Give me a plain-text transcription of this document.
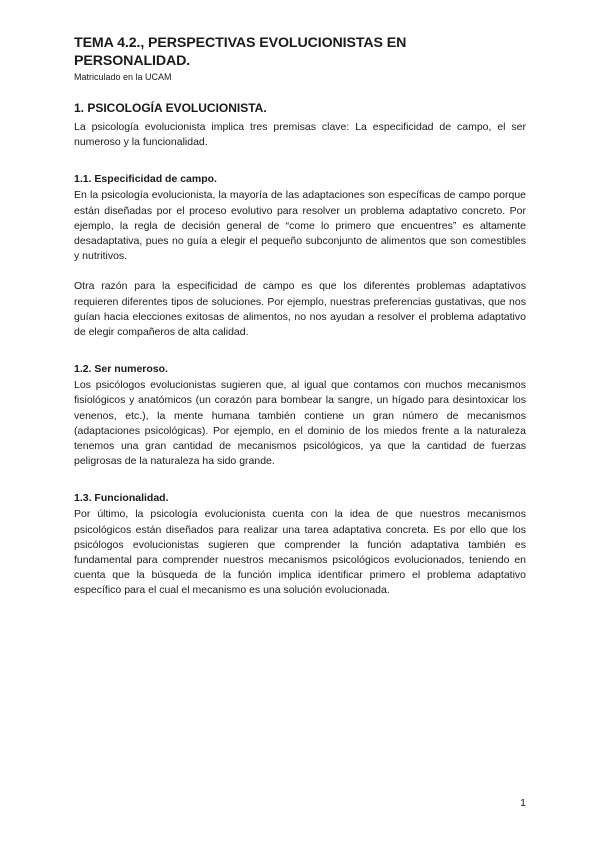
TEMA 4.2., PERSPECTIVAS EVOLUCIONISTAS EN PERSONALIDAD.

Matriculado en la UCAM

1. PSICOLOGÍA EVOLUCIONISTA.

La psicología evolucionista implica tres premisas clave: La especificidad de campo, el ser numeroso y la funcionalidad.

1.1. Especificidad de campo.

En la psicología evolucionista, la mayoría de las adaptaciones son específicas de campo porque están diseñadas por el proceso evolutivo para resolver un problema adaptativo concreto. Por ejemplo, la regla de decisión general de “come lo primero que encuentres” es altamente desadaptativa, pues no guía a elegir el pequeño subconjunto de alimentos que son comestibles y nutritivos.

Otra razón para la especificidad de campo es que los diferentes problemas adaptativos requieren diferentes tipos de soluciones. Por ejemplo, nuestras preferencias gustativas, que nos guían hacia elecciones exitosas de alimentos, no nos ayudan a resolver el problema adaptativo de elegir compañeros de alta calidad.

1.2. Ser numeroso.

Los psicólogos evolucionistas sugieren que, al igual que contamos con muchos mecanismos fisiológicos y anatómicos (un corazón para bombear la sangre, un hígado para desintoxicar los venenos, etc.), la mente humana también contiene un gran número de mecanismos (adaptaciones psicológicas). Por ejemplo, en el dominio de los miedos frente a la naturaleza tenemos una gran cantidad de mecanismos psicológicos, ya que la cantidad de fuerzas peligrosas de la naturaleza ha sido grande.

1.3. Funcionalidad.

Por último, la psicología evolucionista cuenta con la idea de que nuestros mecanismos psicológicos están diseñados para realizar una tarea adaptativa concreta. Es por ello que los psicólogos evolucionistas sugieren que comprender la función adaptativa también es fundamental para comprender nuestros mecanismos psicológicos evolucionados, teniendo en cuenta que la búsqueda de la función implica identificar primero el problema adaptativo específico para el cual el mecanismo es una solución evolucionada.

1
